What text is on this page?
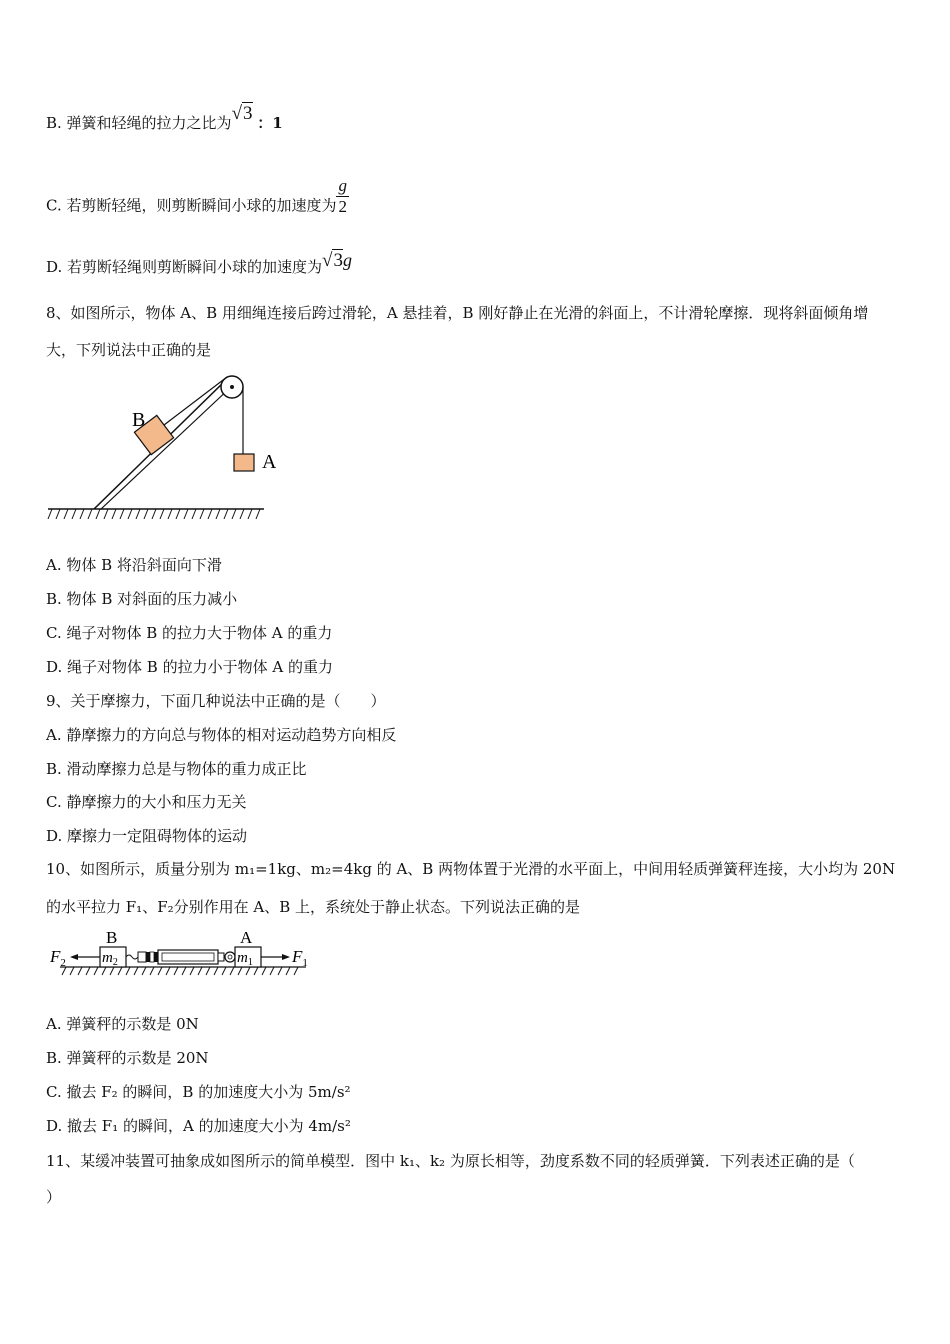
B. 弹簧和轻绳的拉力之比为√3 ：1
C. 若剪断轻绳，则剪断瞬间小球的加速度为 $\frac{g}{2}$
D. 若剪断轻绳则剪断瞬间小球的加速度为√3g
8、如图所示，物体 A、B 用细绳连接后跨过滑轮，A 悬挂着，B 刚好静止在光滑的斜面上，不计滑轮摩擦．现将斜面倾角增
大，下列说法中正确的是
B
A
A. 物体 B 将沿斜面向下滑
B. 物体 B 对斜面的压力减小
C. 绳子对物体 B 的拉力大于物体 A 的重力
D. 绳子对物体 B 的拉力小于物体 A 的重力
9、关于摩擦力，下面几种说法中正确的是（　　）
A. 静摩擦力的方向总与物体的相对运动趋势方向相反
B. 滑动摩擦力总是与物体的重力成正比
C. 静摩擦力的大小和压力无关
D. 摩擦力一定阻碍物体的运动
10、如图所示，质量分别为 m₁=1kg、m₂=4kg 的 A、B 两物体置于光滑的水平面上，中间用轻质弹簧秤连接，大小均为 20N
的水平拉力 F₁、F₂分别作用在 A、B 上，系统处于静止状态。下列说法正确的是
$F_2$ $m_2$
B
$m_1$
A
$F_1$
A. 弹簧秤的示数是 0N
B. 弹簧秤的示数是 20N
C. 撤去 F₂ 的瞬间，B 的加速度大小为 5m/s²
D. 撤去 F₁ 的瞬间，A 的加速度大小为 4m/s²
11、某缓冲装置可抽象成如图所示的简单模型．图中 k₁、k₂ 为原长相等，劲度系数不同的轻质弹簧．下列表述正确的是（
）
